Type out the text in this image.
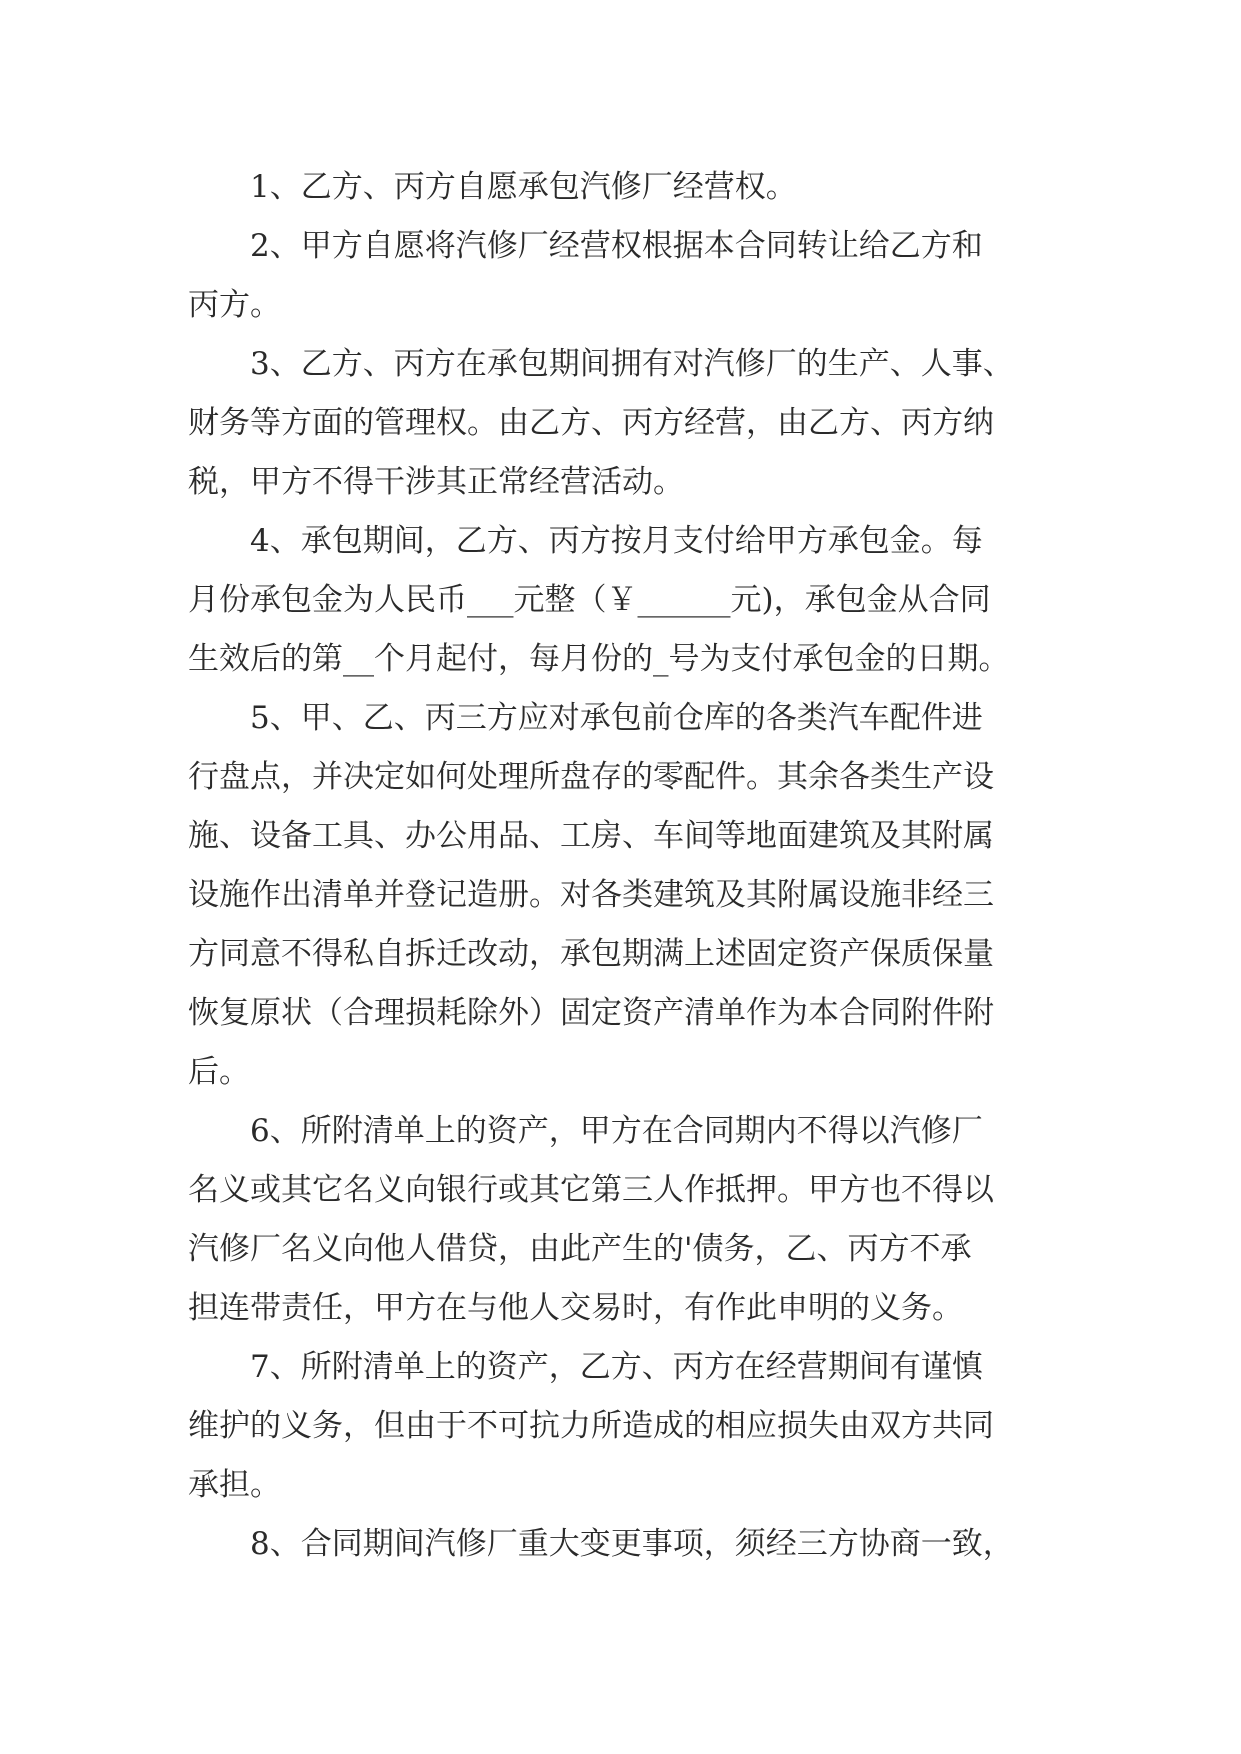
1、乙方、丙方自愿承包汽修厂经营权。
2、甲方自愿将汽修厂经营权根据本合同转让给乙方和
丙方。
3、乙方、丙方在承包期间拥有对汽修厂的生产、人事、
财务等方面的管理权。由乙方、丙方经营，由乙方、丙方纳
税，甲方不得干涉其正常经营活动。
4、承包期间，乙方、丙方按月支付给甲方承包金。每
月份承包金为人民币___元整（￥______元)，承包金从合同
生效后的第__个月起付，每月份的_号为支付承包金的日期。
5、甲、乙、丙三方应对承包前仓库的各类汽车配件进
行盘点，并决定如何处理所盘存的零配件。其余各类生产设
施、设备工具、办公用品、工房、车间等地面建筑及其附属
设施作出清单并登记造册。对各类建筑及其附属设施非经三
方同意不得私自拆迁改动，承包期满上述固定资产保质保量
恢复原状（合理损耗除外）固定资产清单作为本合同附件附
后。
6、所附清单上的资产，甲方在合同期内不得以汽修厂
名义或其它名义向银行或其它第三人作抵押。甲方也不得以
汽修厂名义向他人借贷，由此产生的'债务，乙、丙方不承
担连带责任，甲方在与他人交易时，有作此申明的义务。
7、所附清单上的资产，乙方、丙方在经营期间有谨慎
维护的义务，但由于不可抗力所造成的相应损失由双方共同
承担。
8、合同期间汽修厂重大变更事项，须经三方协商一致，
